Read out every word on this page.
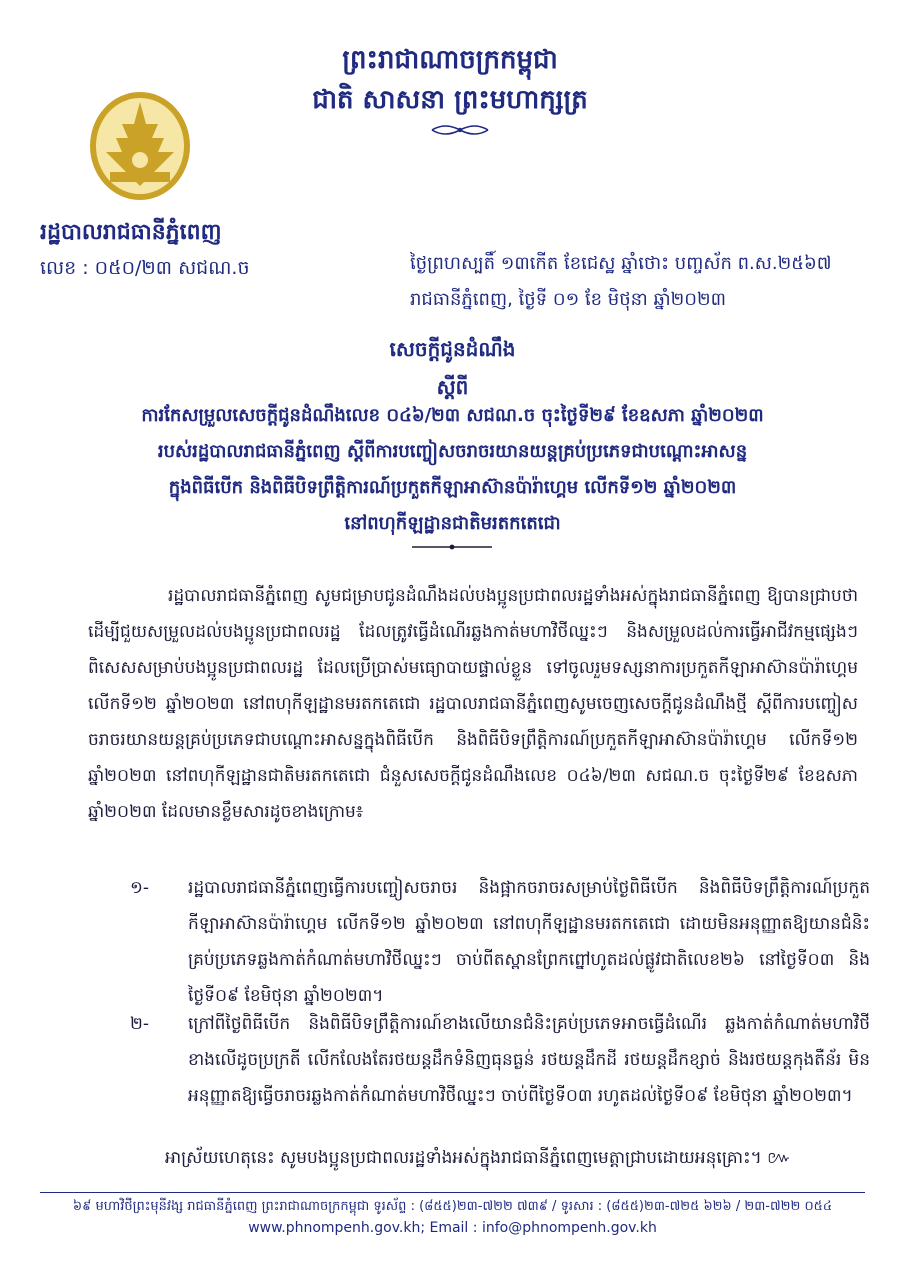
ព្រះរាជាណាចក្រកម្ពុជា
ជាតិ សាសនា ព្រះមហាក្សត្រ
រដ្ឋបាលរាជធានីភ្នំពេញ
លេខ : ០៥០/២៣ សជណ.ច	ថ្ងៃព្រហស្បតិ៍ ១៣កើត ខែជេស្ឋ ឆ្នាំថោះ បញ្ចស័ក ព.ស.២៥៦៧
រាជធានីភ្នំពេញ, ថ្ងៃទី ០១ ខែ មិថុនា ឆ្នាំ២០២៣
សេចក្តីជូនដំណឹង
ស្តីពី
ការកែសម្រួលសេចក្តីជូនដំណឹងលេខ ០៤៦/២៣ សជណ.ច ចុះថ្ងៃទី២៩ ខែឧសភា ឆ្នាំ២០២៣
របស់រដ្ឋបាលរាជធានីភ្នំពេញ ស្តីពីការបញ្ចៀសចរាចរយានយន្តគ្រប់ប្រភេទជាបណ្តោះអាសន្ន
ក្នុងពិធីបើក និងពិធីបិទព្រឹត្តិការណ៍ប្រកួតកីឡាអាស៊ានប៉ារ៉ាហ្គេម លើកទី១២ ឆ្នាំ២០២៣
នៅពហុកីឡដ្ឋានជាតិមរតកតេជោ
រដ្ឋបាលរាជធានីភ្នំពេញ សូមជម្រាបជូនដំណឹងដល់បងប្អូនប្រជាពលរដ្ឋទាំងអស់ក្នុងរាជធានីភ្នំពេញ ឱ្យបានជ្រាបថា ដើម្បីជួយសម្រួលដល់បងប្អូនប្រជាពលរដ្ឋ ដែលត្រូវធ្វើដំណើរឆ្លងកាត់មហាវិថីឈ្នះៗ និងសម្រួលដល់ការធ្វើអាជីវកម្មផ្សេងៗ ពិសេសសម្រាប់បងប្អូនប្រជាពលរដ្ឋ ដែលប្រើប្រាស់មធ្យោបាយផ្ទាល់ខ្លួន ទៅចូលរួមទស្សនាការប្រកួតកីឡាអាស៊ានប៉ារ៉ាហ្គេមលើកទី១២ ឆ្នាំ២០២៣ នៅពហុកីឡដ្ឋានមរតកតេជោ រដ្ឋបាលរាជធានីភ្នំពេញសូមចេញសេចក្តីជូនដំណឹងថ្មី ស្តីពីការបញ្ចៀសចរាចរយានយន្តគ្រប់ប្រភេទជាបណ្តោះអាសន្នក្នុងពិធីបើក និងពិធីបិទព្រឹត្តិការណ៍ប្រកួតកីឡាអាស៊ានប៉ារ៉ាហ្គេម លើកទី១២ ឆ្នាំ២០២៣ នៅពហុកីឡដ្ឋានជាតិមរតកតេជោ ជំនួសសេចក្តីជូនដំណឹងលេខ ០៤៦/២៣ សជណ.ច ចុះថ្ងៃទី២៩ ខែឧសភា ឆ្នាំ២០២៣ ដែលមានខ្លឹមសារដូចខាងក្រោម៖
១-	រដ្ឋបាលរាជធានីភ្នំពេញធ្វើការបញ្ចៀសចរាចរ និងផ្អាកចរាចរសម្រាប់ថ្ងៃពិធីបើក និងពិធីបិទព្រឹត្តិការណ៍ប្រកួតកីឡាអាស៊ានប៉ារ៉ាហ្គេម លើកទី១២ ឆ្នាំ២០២៣ នៅពហុកីឡដ្ឋានមរតកតេជោ ដោយមិនអនុញ្ញាតឱ្យយានជំនិះគ្រប់ប្រភេទឆ្លងកាត់កំណាត់មហាវិថីឈ្នះៗ ចាប់ពីតស្ពានព្រែកព្នៅហូតដល់ផ្លូវជាតិលេខ២៦ នៅថ្ងៃទី០៣ និងថ្ងៃទី០៩ ខែមិថុនា ឆ្នាំ២០២៣។
២-	ក្រៅពីថ្ងៃពិធីបើក និងពិធីបិទព្រឹត្តិការណ៍ខាងលើយានជំនិះគ្រប់ប្រភេទអាចធ្វើដំណើរ ឆ្លងកាត់កំណាត់មហាវិថីខាងលើដូចប្រក្រតី លើកលែងតែរថយន្តដឹកទំនិញធុនធ្ងន់ រថយន្តដឹកដី រថយន្តដឹកខ្សាច់ និងរថយន្តកុងតឺន័រ មិនអនុញ្ញាតឱ្យធ្វើចរាចរឆ្លងកាត់កំណាត់មហាវិថីឈ្នះៗ ចាប់ពីថ្ងៃទី០៣ រហូតដល់ថ្ងៃទី០៩ ខែមិថុនា ឆ្នាំ២០២៣។
អាស្រ័យហេតុនេះ សូមបងប្អូនប្រជាពលរដ្ឋទាំងអស់ក្នុងរាជធានីភ្នំពេញមេត្តាជ្រាបដោយអនុគ្រោះ។ ៚
៦៩ មហាវិថីព្រះមុនីវង្ស រាជធានីភ្នំពេញ ព្រះរាជាណាចក្រកម្ពុជា ទូរស័ព្ទ : (៨៥៥)២៣-៧២២ ៧៣៩ / ទូរសារ : (៨៥៥)២៣-៧២៥ ៦២៦ / ២៣-៧២២ ០៥៤
www.phnompenh.gov.kh; Email : info@phnompenh.gov.kh
